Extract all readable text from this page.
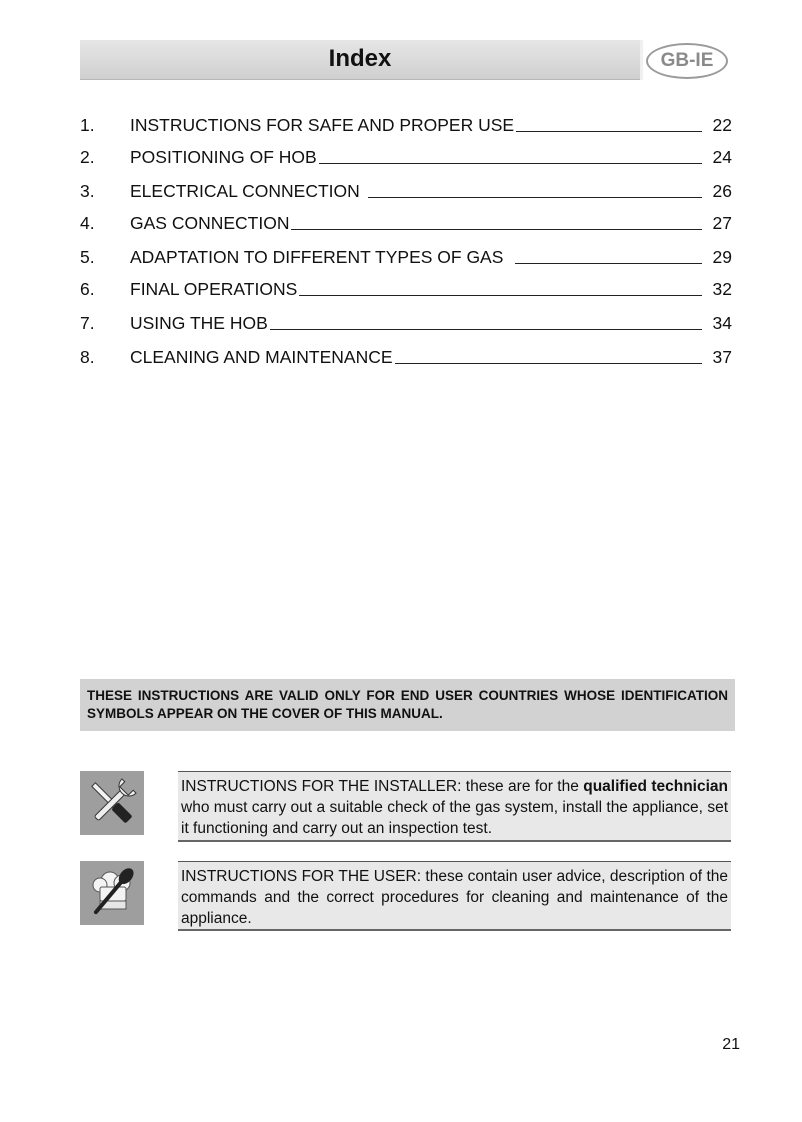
Index	GB-IE
1.	INSTRUCTIONS FOR SAFE AND PROPER USE	22
2.	POSITIONING OF HOB	24
3.	ELECTRICAL CONNECTION	26
4.	GAS CONNECTION	27
5.	ADAPTATION TO DIFFERENT TYPES OF GAS	29
6.	FINAL OPERATIONS	32
7.	USING THE HOB	34
8.	CLEANING AND MAINTENANCE	37
THESE INSTRUCTIONS ARE VALID ONLY FOR END USER COUNTRIES WHOSE IDENTIFICATION SYMBOLS APPEAR ON THE COVER OF THIS MANUAL.
INSTRUCTIONS FOR THE INSTALLER: these are for the qualified technician who must carry out a suitable check of the gas system, install the appliance, set it functioning and carry out an inspection test.
INSTRUCTIONS FOR THE USER: these contain user advice, description of the commands and the correct procedures for cleaning and maintenance of the appliance.
21
